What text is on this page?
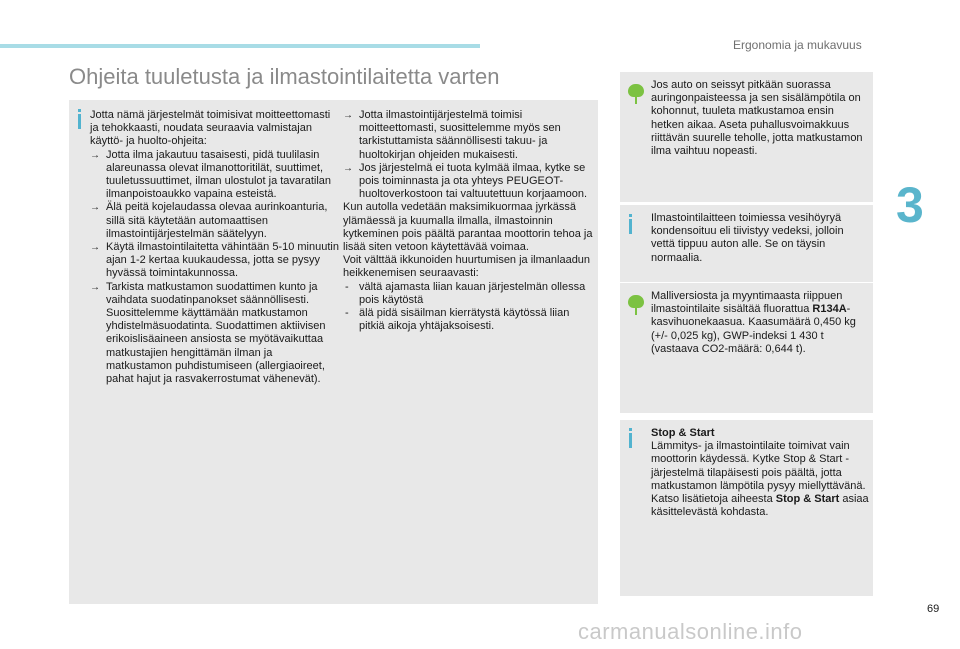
Ergonomia ja mukavuus
Ohjeita tuuletusta ja ilmastointilaitetta varten
3

Jotta nämä järjestelmät toimisivat moitteettomasti ja tehokkaasti, noudata seuraavia valmistajan käyttö- ja huolto-ohjeita:

→ Jotta ilma jakautuu tasaisesti, pidä tuulilasin alareunassa olevat ilmanottoritilät, suuttimet, tuuletussuuttimet, ilman ulostulot ja tavaratilan ilmanpoistoaukko vapaina esteistä.

→ Älä peitä kojelaudassa olevaa aurinkoanturia, sillä sitä käytetään automaattisen ilmastointijärjestelmän säätelyyn.

→ Käytä ilmastointilaitetta vähintään 5-10 minuutin ajan 1-2 kertaa kuukaudessa, jotta se pysyy hyvässä toimintakunnossa.

→ Tarkista matkustamon suodattimen kunto ja vaihdata suodatinpanokset säännöllisesti. Suosittelemme käyttämään matkustamon yhdistelmäsuodatinta. Suodattimen aktiivisen erikoislisäaineen ansiosta se myötävaikuttaa matkustajien hengittämän ilman ja matkustamon puhdistumiseen (allergiaoireet, pahat hajut ja rasvakerrostumat vähenevät).

→ Jotta ilmastointijärjestelmä toimisi moitteettomasti, suosittelemme myös sen tarkistuttamista säännöllisesti takuu- ja huoltokirjan ohjeiden mukaisesti.

→ Jos järjestelmä ei tuota kylmää ilmaa, kytke se pois toiminnasta ja ota yhteys PEUGEOT-huoltoverkostoon tai valtuutettuun korjaamoon.

Kun autolla vedetään maksimikuormaa jyrkässä ylämäessä ja kuumalla ilmalla, ilmastoinnin kytkeminen pois päältä parantaa moottorin tehoa ja lisää siten vetoon käytettävää voimaa.

Voit välttää ikkunoiden huurtumisen ja ilmanlaadun heikkenemisen seuraavasti:

- vältä ajamasta liian kauan järjestelmän ollessa pois käytöstä

- älä pidä sisäilman kierrätystä käytössä liian pitkiä aikoja yhtäjaksoisesti.

Jos auto on seissyt pitkään suorassa auringonpaisteessa ja sen sisälämpötila on kohonnut, tuuleta matkustamoa ensin hetken aikaa. Aseta puhallusvoimakkuus riittävän suurelle teholle, jotta matkustamon ilma vaihtuu nopeasti.

Ilmastointilaitteen toimiessa vesihöyryä kondensoituu eli tiivistyy vedeksi, jolloin vettä tippuu auton alle. Se on täysin normaalia.

Malliversiosta ja myyntimaasta riippuen ilmastointilaite sisältää fluorattua R134A-kasvihuonekaasua. Kaasumäärä 0,450 kg (+/- 0,025 kg), GWP-indeksi 1 430 t (vastaava CO2-määrä: 0,644 t).

Stop & Start

Lämmitys- ja ilmastointilaite toimivat vain moottorin käydessä. Kytke Stop & Start -järjestelmä tilapäisesti pois päältä, jotta matkustamon lämpötila pysyy miellyttävänä.

Katso lisätietoja aiheesta Stop & Start asiaa käsittelevästä kohdasta.

69
carmanualsonline.info
